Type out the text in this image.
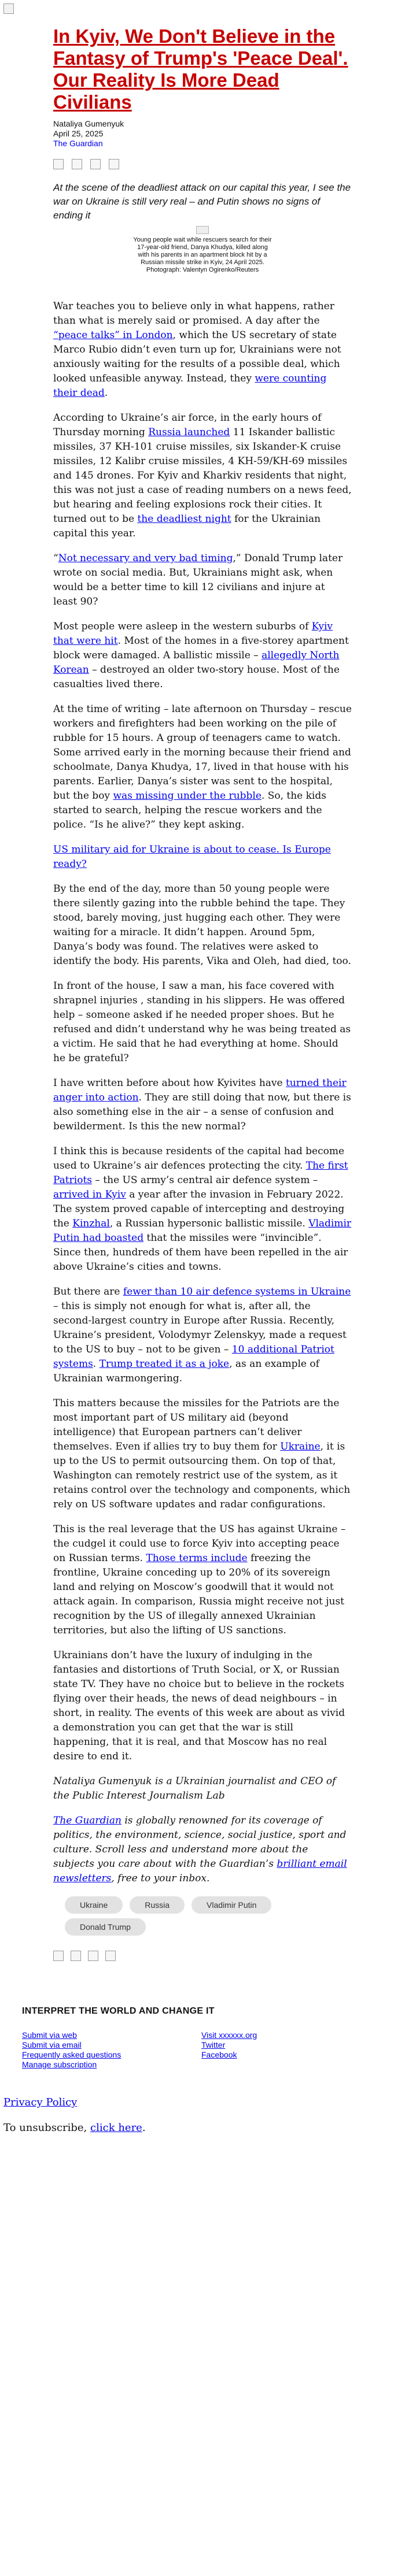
In Kyiv, We Don't Believe in the Fantasy of Trump's 'Peace Deal'. Our Reality Is More Dead Civilians
Nataliya Gumenyuk
April 25, 2025
The Guardian

At the scene of the deadliest attack on our capital this year, I see the war on Ukraine is still very real – and Putin shows no signs of ending it

Young people wait while rescuers search for their 17-year-old friend, Danya Khudya, killed along with his parents in an apartment block hit by a Russian missile strike in Kyiv, 24 April 2025. Photograph: Valentyn Ogirenko/Reuters

War teaches you to believe only in what happens, rather than what is merely said or promised. A day after the “peace talks” in London, which the US secretary of state Marco Rubio didn’t even turn up for, Ukrainians were not anxiously waiting for the results of a possible deal, which looked unfeasible anyway. Instead, they were counting their dead.

According to Ukraine’s air force, in the early hours of Thursday morning Russia launched 11 Iskander ballistic missiles, 37 KH-101 cruise missiles, six Iskander-K cruise missiles, 12 Kalibr cruise missiles, 4 KH-59/KH-69 missiles and 145 drones. For Kyiv and Kharkiv residents that night, this was not just a case of reading numbers on a news feed, but hearing and feeling explosions rock their cities. It turned out to be the deadliest night for the Ukrainian capital this year.

“Not necessary and very bad timing,” Donald Trump later wrote on social media. But, Ukrainians might ask, when would be a better time to kill 12 civilians and injure at least 90?

Most people were asleep in the western suburbs of Kyiv that were hit. Most of the homes in a five-storey apartment block were damaged. A ballistic missile – allegedly North Korean – destroyed an older two-story house. Most of the casualties lived there.

At the time of writing – late afternoon on Thursday – rescue workers and firefighters had been working on the pile of rubble for 15 hours. A group of teenagers came to watch. Some arrived early in the morning because their friend and schoolmate, Danya Khudya, 17, lived in that house with his parents. Earlier, Danya’s sister was sent to the hospital, but the boy was missing under the rubble. So, the kids started to search, helping the rescue workers and the police. “Is he alive?” they kept asking.

US military aid for Ukraine is about to cease. Is Europe ready?

By the end of the day, more than 50 young people were there silently gazing into the rubble behind the tape. They stood, barely moving, just hugging each other. They were waiting for a miracle. It didn’t happen. Around 5pm, Danya’s body was found. The relatives were asked to identify the body. His parents, Vika and Oleh, had died, too.

In front of the house, I saw a man, his face covered with shrapnel injuries , standing in his slippers. He was offered help – someone asked if he needed proper shoes. But he refused and didn’t understand why he was being treated as a victim. He said that he had everything at home. Should he be grateful?

I have written before about how Kyivites have turned their anger into action. They are still doing that now, but there is also something else in the air – a sense of confusion and bewilderment. Is this the new normal?

I think this is because residents of the capital had become used to Ukraine’s air defences protecting the city. The first Patriots – the US army’s central air defence system – arrived in Kyiv a year after the invasion in February 2022. The system proved capable of intercepting and destroying the Kinzhal, a Russian hypersonic ballistic missile. Vladimir Putin had boasted that the missiles were “invincible”. Since then, hundreds of them have been repelled in the air above Ukraine’s cities and towns.

But there are fewer than 10 air defence systems in Ukraine – this is simply not enough for what is, after all, the second-largest country in Europe after Russia. Recently, Ukraine’s president, Volodymyr Zelenskyy, made a request to the US to buy – not to be given – 10 additional Patriot systems. Trump treated it as a joke, as an example of Ukrainian warmongering.

This matters because the missiles for the Patriots are the most important part of US military aid (beyond intelligence) that European partners can’t deliver themselves. Even if allies try to buy them for Ukraine, it is up to the US to permit outsourcing them. On top of that, Washington can remotely restrict use of the system, as it retains control over the technology and components, which rely on US software updates and radar configurations.

This is the real leverage that the US has against Ukraine – the cudgel it could use to force Kyiv into accepting peace on Russian terms. Those terms include freezing the frontline, Ukraine conceding up to 20% of its sovereign land and relying on Moscow’s goodwill that it would not attack again. In comparison, Russia might receive not just recognition by the US of illegally annexed Ukrainian territories, but also the lifting of US sanctions.

Ukrainians don’t have the luxury of indulging in the fantasies and distortions of Truth Social, or X, or Russian state TV. They have no choice but to believe in the rockets flying over their heads, the news of dead neighbours – in short, in reality. The events of this week are about as vivid a demonstration you can get that the war is still happening, that it is real, and that Moscow has no real desire to end it.

Nataliya Gumenyuk is a Ukrainian journalist and CEO of the Public Interest Journalism Lab

The Guardian is globally renowned for its coverage of politics, the environment, science, social justice, sport and culture. Scroll less and understand more about the subjects you care about with the Guardian’s brilliant email newsletters, free to your inbox.

Ukraine	Russia	Vladimir Putin
Donald Trump
INTERPRET THE WORLD AND CHANGE IT
Submit via web
Submit via email
Frequently asked questions
Manage subscription
Visit xxxxxx.org
Twitter
Facebook

Privacy Policy

To unsubscribe, click here.
